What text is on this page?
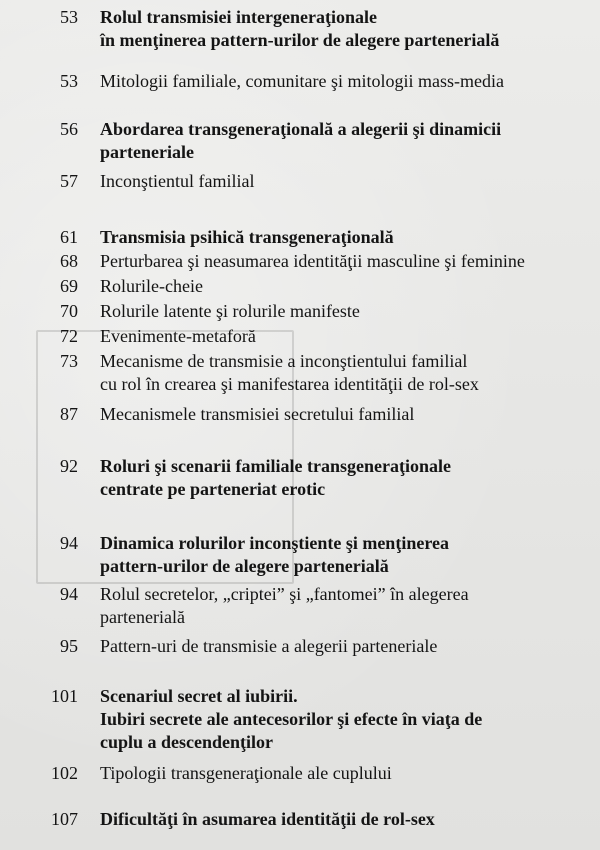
53 Rolul transmisiei intergeneraţionale
în menţinerea pattern-urilor de alegere partenerială
53 Mitologii familiale, comunitare şi mitologii mass-media
56 Abordarea transgeneraţională a alegerii şi dinamicii
parteneriale
57 Inconştientul familial
61 Transmisia psihică transgeneraţională
68 Perturbarea şi neasumarea identităţii masculine şi feminine
69 Rolurile-cheie
70 Rolurile latente şi rolurile manifeste
72 Evenimente-metaforă
73 Mecanisme de transmisie a inconştientului familial
cu rol în crearea şi manifestarea identităţii de rol-sex
87 Mecanismele transmisiei secretului familial
92 Roluri şi scenarii familiale transgeneraţionale
centrate pe parteneriat erotic
94 Dinamica rolurilor inconştiente şi menţinerea
pattern-urilor de alegere partenerială
94 Rolul secretelor, „criptei” şi „fantomei” în alegerea
partenerială
95 Pattern-uri de transmisie a alegerii parteneriale
101 Scenariul secret al iubirii.
Iubiri secrete ale antecesorilor şi efecte în viaţa de
cuplu a descendenţilor
102 Tipologii transgeneraţionale ale cuplului
107 Dificultăţi în asumarea identităţii de rol-sex
